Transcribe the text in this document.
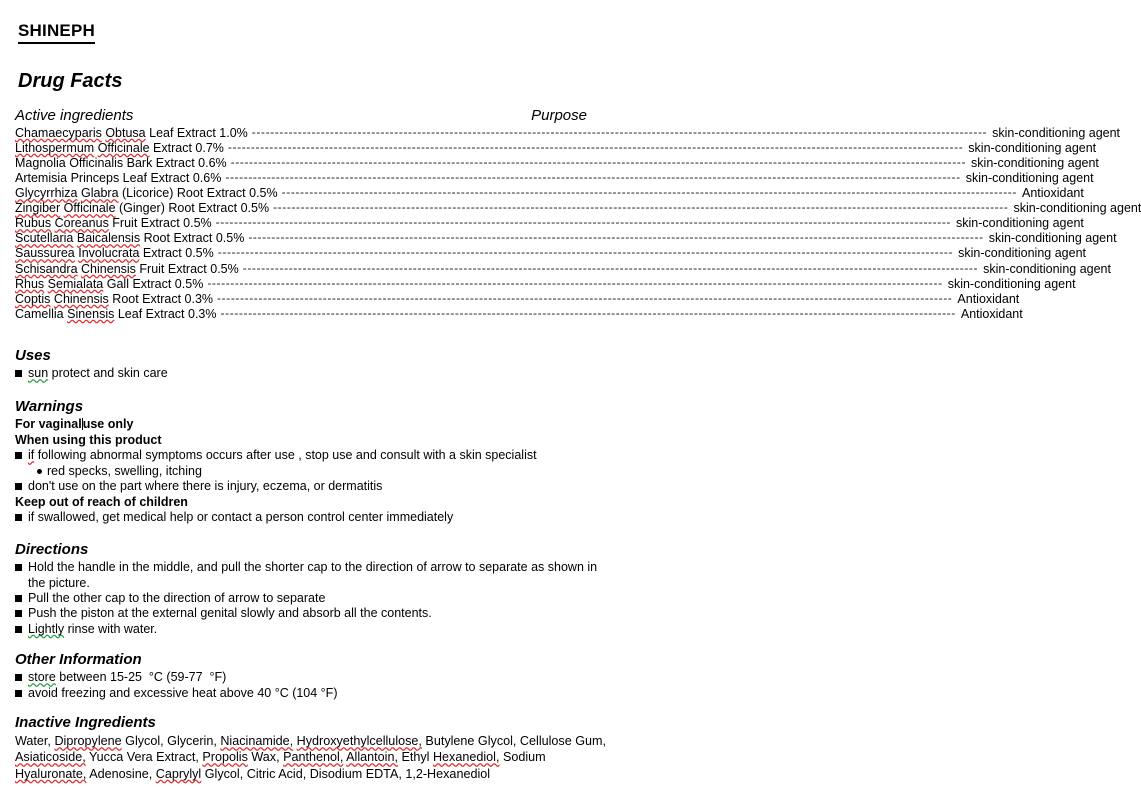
SHINEPH
Drug Facts
Active ingredients	Purpose
Chamaecyparis Obtusa Leaf Extract 1.0% ---------------------------------------------------------------------------------------------------------------------------------------------------------------- skin-conditioning agent
Lithospermum Officinale Extract 0.7% ---------------------------------------------------------------------------------------------------------------------------------------------------------------- skin-conditioning agent
Magnolia Officinalis Bark Extract 0.6% ---------------------------------------------------------------------------------------------------------------------------------------------------------------- skin-conditioning agent
Artemisia Princeps Leaf Extract 0.6% ---------------------------------------------------------------------------------------------------------------------------------------------------------------- skin-conditioning agent
Glycyrrhiza Glabra (Licorice) Root Extract 0.5% ---------------------------------------------------------------------------------------------------------------------------------------------------------------- Antioxidant
Zingiber Officinale (Ginger) Root Extract 0.5% ---------------------------------------------------------------------------------------------------------------------------------------------------------------- skin-conditioning agent
Rubus Coreanus Fruit Extract 0.5% ---------------------------------------------------------------------------------------------------------------------------------------------------------------- skin-conditioning agent
Scutellaria Baicalensis Root Extract 0.5% ---------------------------------------------------------------------------------------------------------------------------------------------------------------- skin-conditioning agent
Saussurea Involucrata Extract 0.5% ---------------------------------------------------------------------------------------------------------------------------------------------------------------- skin-conditioning agent
Schisandra Chinensis Fruit Extract 0.5% ---------------------------------------------------------------------------------------------------------------------------------------------------------------- skin-conditioning agent
Rhus Semialata Gall Extract 0.5% ---------------------------------------------------------------------------------------------------------------------------------------------------------------- skin-conditioning agent
Coptis Chinensis Root Extract 0.3% ---------------------------------------------------------------------------------------------------------------------------------------------------------------- Antioxidant
Camellia Sinensis Leaf Extract 0.3% ---------------------------------------------------------------------------------------------------------------------------------------------------------------- Antioxidant
Uses
sun protect and skin care
Warnings
For vaginaluse only
When using this product
if following abnormal symptoms occurs after use , stop use and consult with a skin specialist
red specks, swelling, itching
don't use on the part where there is injury, eczema, or dermatitis
Keep out of reach of children
if swallowed, get medical help or contact a person control center immediately
Directions
Hold the handle in the middle, and pull the shorter cap to the direction of arrow to separate as shown in the picture.
Pull the other cap to the direction of arrow to separate
Push the piston at the external genital slowly and absorb all the contents.
Lightly rinse with water.
Other Information
store between 15-25  °C (59-77  °F)
avoid freezing and excessive heat above 40 °C (104 °F)
Inactive Ingredients
Water, Dipropylene Glycol, Glycerin, Niacinamide, Hydroxyethylcellulose, Butylene Glycol, Cellulose Gum, Asiaticoside, Yucca Vera Extract, Propolis Wax, Panthenol, Allantoin, Ethyl Hexanediol, Sodium Hyaluronate, Adenosine, Caprylyl Glycol, Citric Acid, Disodium EDTA, 1,2-Hexanediol
